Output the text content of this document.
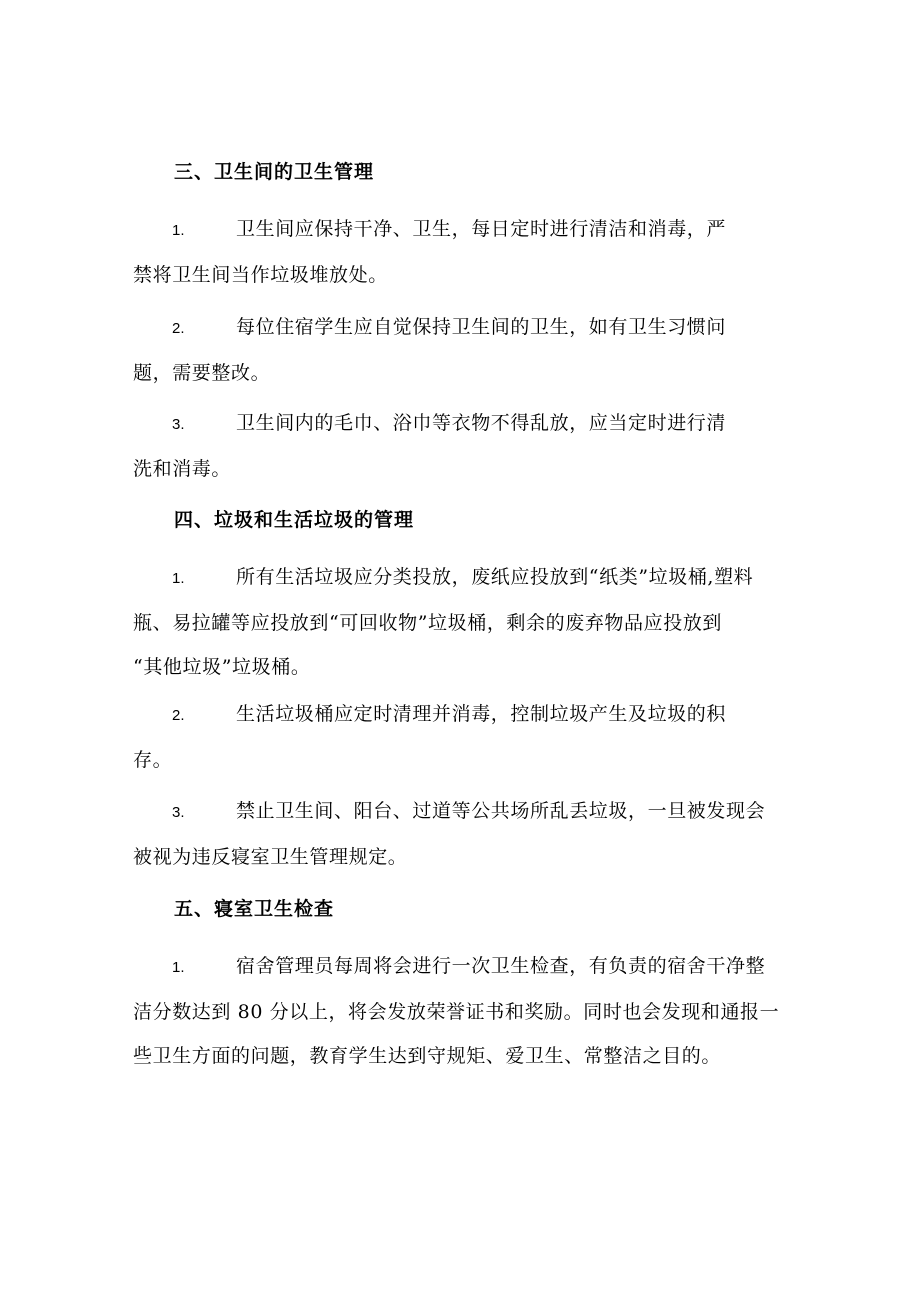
三、卫生间的卫生管理
1.	卫生间应保持干净、卫生，每日定时进行清洁和消毒，严
禁将卫生间当作垃圾堆放处。
2.	每位住宿学生应自觉保持卫生间的卫生，如有卫生习惯问
题，需要整改。
3.	卫生间内的毛巾、浴巾等衣物不得乱放，应当定时进行清
洗和消毒。
四、垃圾和生活垃圾的管理
1.	所有生活垃圾应分类投放，废纸应投放到“纸类”垃圾桶,塑料
瓶、易拉罐等应投放到“可回收物”垃圾桶，剩余的废弃物品应投放到
“其他垃圾”垃圾桶。
2.	生活垃圾桶应定时清理并消毒，控制垃圾产生及垃圾的积
存。
3.	禁止卫生间、阳台、过道等公共场所乱丢垃圾，一旦被发现会
被视为违反寝室卫生管理规定。
五、寝室卫生检查
1.	宿舍管理员每周将会进行一次卫生检查，有负责的宿舍干净整
洁分数达到 80 分以上，将会发放荣誉证书和奖励。同时也会发现和通报一
些卫生方面的问题，教育学生达到守规矩、爱卫生、常整洁之目的。
